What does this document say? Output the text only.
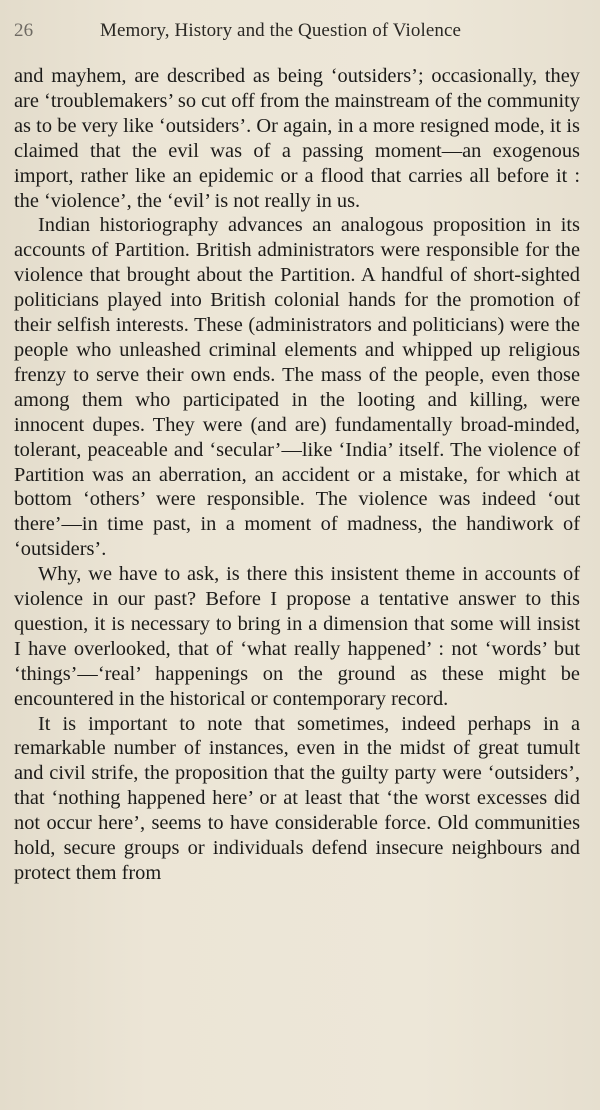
26	Memory, History and the Question of Violence

and mayhem, are described as being ‘outsiders’; occasionally, they are ‘troublemakers’ so cut off from the mainstream of the community as to be very like ‘outsiders’. Or again, in a more resigned mode, it is claimed that the evil was of a passing moment—an exogenous import, rather like an epidemic or a flood that carries all before it : the ‘violence’, the ‘evil’ is not really in us.

Indian historiography advances an analogous proposition in its accounts of Partition. British administrators were responsible for the violence that brought about the Partition. A handful of short-sighted politicians played into British colonial hands for the promotion of their selfish interests. These (administrators and politicians) were the people who unleashed criminal elements and whipped up religious frenzy to serve their own ends. The mass of the people, even those among them who participated in the looting and killing, were innocent dupes. They were (and are) fundamentally broad-minded, tolerant, peaceable and ‘secular’—like ‘India’ itself. The violence of Partition was an aberration, an accident or a mistake, for which at bottom ‘others’ were responsible. The violence was indeed ‘out there’—in time past, in a moment of madness, the handiwork of ‘outsiders’.

Why, we have to ask, is there this insistent theme in accounts of violence in our past? Before I propose a tentative answer to this question, it is necessary to bring in a dimension that some will insist I have overlooked, that of ‘what really happened’ : not ‘words’ but ‘things’—‘real’ happenings on the ground as these might be encountered in the historical or contemporary record.

It is important to note that sometimes, indeed perhaps in a remarkable number of instances, even in the midst of great tumult and civil strife, the proposition that the guilty party were ‘outsiders’, that ‘nothing happened here’ or at least that ‘the worst excesses did not occur here’, seems to have considerable force. Old communities hold, secure groups or individuals defend insecure neighbours and protect them from
